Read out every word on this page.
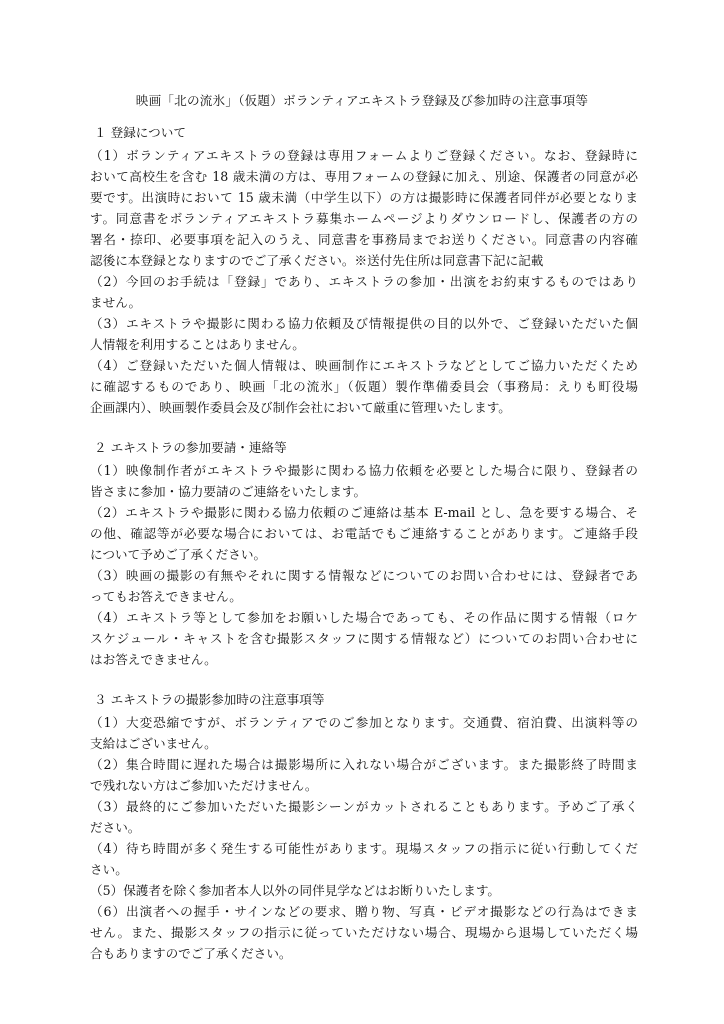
映画「北の流氷」（仮題）ボランティアエキストラ登録及び参加時の注意事項等
１ 登録について
（1）ボランティアエキストラの登録は専用フォームよりご登録ください。なお、登録時に
おいて高校生を含む 18 歳未満の方は、専用フォームの登録に加え、別途、保護者の同意が必
要です。出演時において 15 歳未満（中学生以下）の方は撮影時に保護者同伴が必要となりま
す。同意書をボランティアエキストラ募集ホームページよりダウンロードし、保護者の方の
署名・捺印、必要事項を記入のうえ、同意書を事務局までお送りください。同意書の内容確
認後に本登録となりますのでご了承ください。※送付先住所は同意書下記に記載
（2）今回のお手続は「登録」であり、エキストラの参加・出演をお約束するものではあり
ません。
（3）エキストラや撮影に関わる協力依頼及び情報提供の目的以外で、ご登録いただいた個
人情報を利用することはありません。
（4）ご登録いただいた個人情報は、映画制作にエキストラなどとしてご協力いただくため
に確認するものであり、映画「北の流氷」（仮題）製作準備委員会（事務局：えりも町役場
企画課内）、映画製作委員会及び制作会社において厳重に管理いたします。
２ エキストラの参加要請・連絡等
（1）映像制作者がエキストラや撮影に関わる協力依頼を必要とした場合に限り、登録者の
皆さまに参加・協力要請のご連絡をいたします。
（2）エキストラや撮影に関わる協力依頼のご連絡は基本 E-mail とし、急を要する場合、そ
の他、確認等が必要な場合においては、お電話でもご連絡することがあります。ご連絡手段
について予めご了承ください。
（3）映画の撮影の有無やそれに関する情報などについてのお問い合わせには、登録者であ
ってもお答えできません。
（4）エキストラ等として参加をお願いした場合であっても、その作品に関する情報（ロケ
スケジュール・キャストを含む撮影スタッフに関する情報など）についてのお問い合わせに
はお答えできません。
３ エキストラの撮影参加時の注意事項等
（1）大変恐縮ですが、ボランティアでのご参加となります。交通費、宿泊費、出演料等の
支給はございません。
（2）集合時間に遅れた場合は撮影場所に入れない場合がございます。また撮影終了時間ま
で残れない方はご参加いただけません。
（3）最終的にご参加いただいた撮影シーンがカットされることもあります。予めご了承く
ださい。
（4）待ち時間が多く発生する可能性があります。現場スタッフの指示に従い行動してくだ
さい。
（5）保護者を除く参加者本人以外の同伴見学などはお断りいたします。
（6）出演者への握手・サインなどの要求、贈り物、写真・ビデオ撮影などの行為はできま
せん。また、撮影スタッフの指示に従っていただけない場合、現場から退場していただく場
合もありますのでご了承ください。
